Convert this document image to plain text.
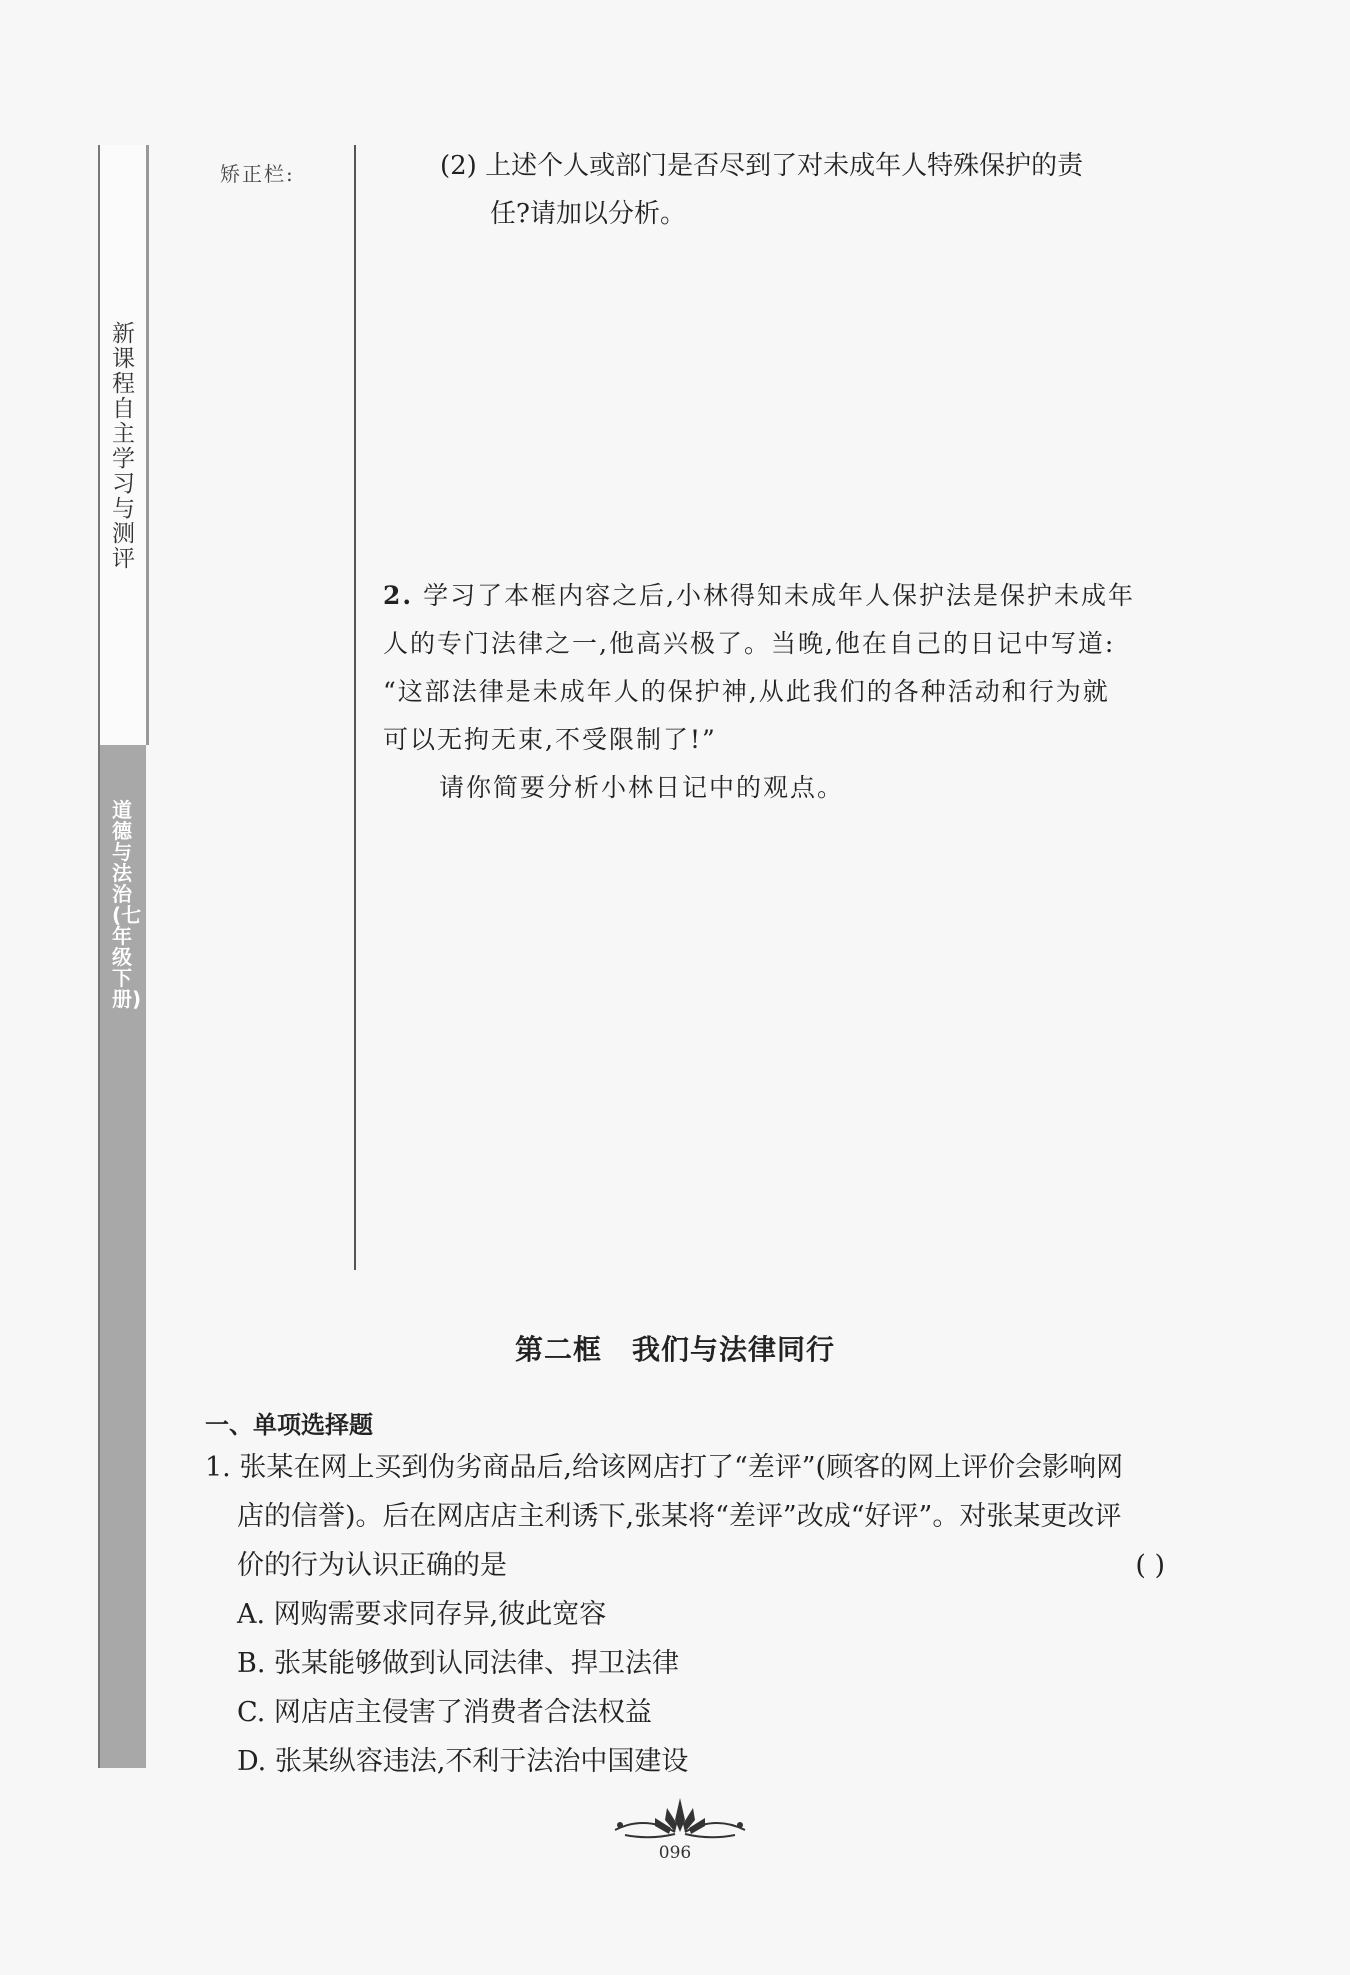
新课程自主学习与测评
道德与法治(七年级下册)
矫正栏:	(2) 上述个人或部门是否尽到了对未成年人特殊保护的责
任?请加以分析。
2. 学习了本框内容之后,小林得知未成年人保护法是保护未成年
人的专门法律之一,他高兴极了。当晚,他在自己的日记中写道:
“这部法律是未成年人的保护神,从此我们的各种活动和行为就
可以无拘无束,不受限制了!”
请你简要分析小林日记中的观点。
第二框 我们与法律同行
一、单项选择题
1. 张某在网上买到伪劣商品后,给该网店打了“差评”(顾客的网上评价会影响网
店的信誉)。后在网店店主利诱下,张某将“差评”改成“好评”。对张某更改评
价的行为认识正确的是	( )
A. 网购需要求同存异,彼此宽容
B. 张某能够做到认同法律、捍卫法律
C. 网店店主侵害了消费者合法权益
D. 张某纵容违法,不利于法治中国建设
096
